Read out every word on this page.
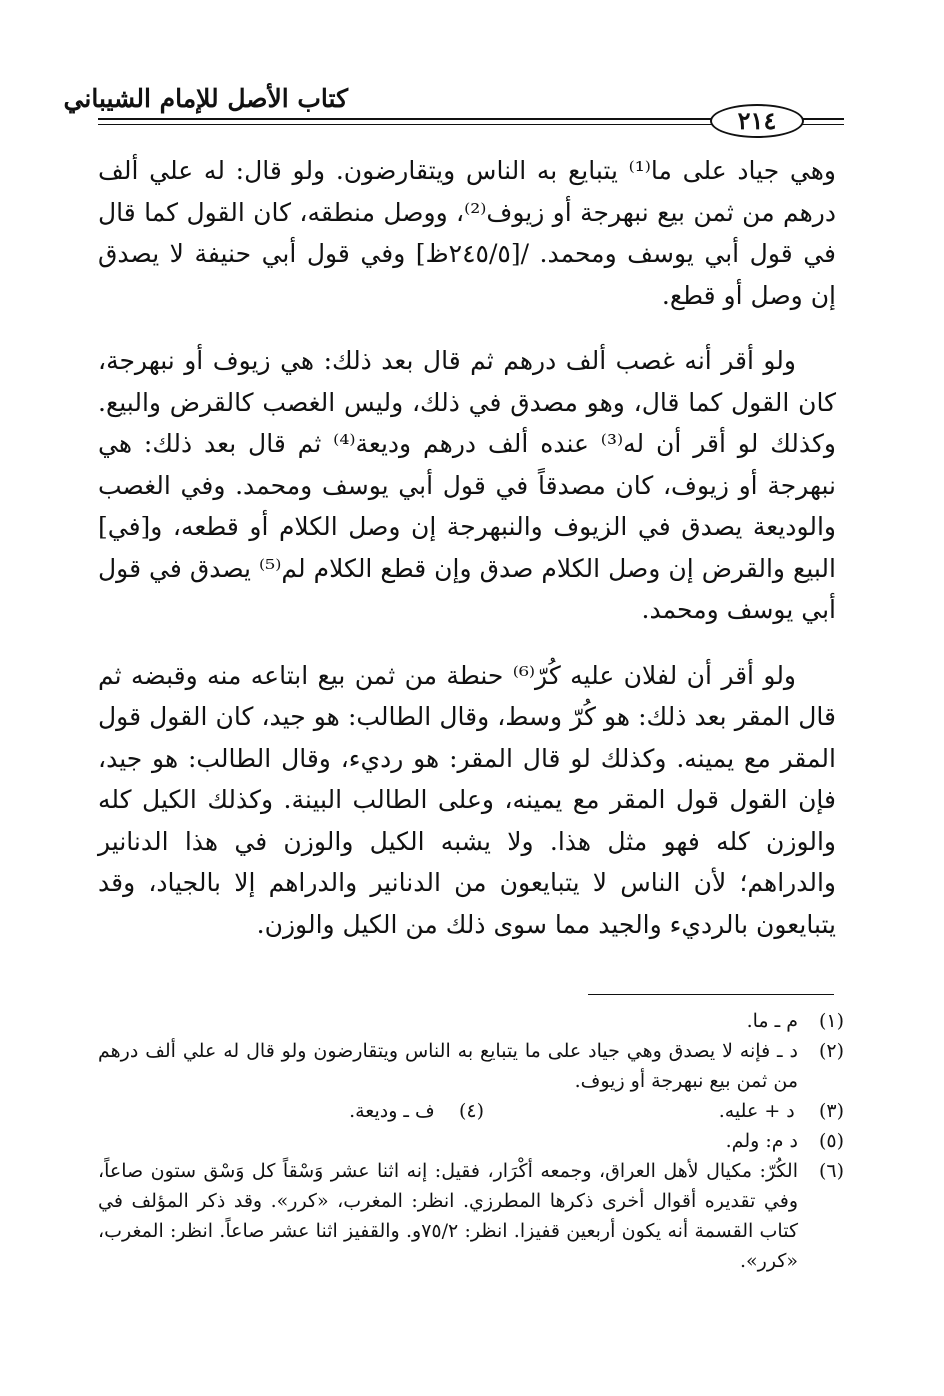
كتاب الأصل للإمام الشيباني
٢١٤

وهي جياد على ما⁽¹⁾ يتبايع به الناس ويتقارضون. ولو قال: له علي ألف درهم من ثمن بيع نبهرجة أو زيوف⁽²⁾، ووصل منطقه، كان القول كما قال في قول أبي يوسف ومحمد. /[٢٤٥/٥ظ] وفي قول أبي حنيفة لا يصدق إن وصل أو قطع.

ولو أقر أنه غصب ألف درهم ثم قال بعد ذلك: هي زيوف أو نبهرجة، كان القول كما قال، وهو مصدق في ذلك، وليس الغصب كالقرض والبيع. وكذلك لو أقر أن له⁽³⁾ عنده ألف درهم وديعة⁽⁴⁾ ثم قال بعد ذلك: هي نبهرجة أو زيوف، كان مصدقاً في قول أبي يوسف ومحمد. وفي الغصب والوديعة يصدق في الزيوف والنبهرجة إن وصل الكلام أو قطعه، و[في] البيع والقرض إن وصل الكلام صدق وإن قطع الكلام لم⁽⁵⁾ يصدق في قول أبي يوسف ومحمد.

ولو أقر أن لفلان عليه كُرّ⁽⁶⁾ حنطة من ثمن بيع ابتاعه منه وقبضه ثم قال المقر بعد ذلك: هو كُرّ وسط، وقال الطالب: هو جيد، كان القول قول المقر مع يمينه. وكذلك لو قال المقر: هو رديء، وقال الطالب: هو جيد، فإن القول قول المقر مع يمينه، وعلى الطالب البينة. وكذلك الكيل كله والوزن كله فهو مثل هذا. ولا يشبه الكيل والوزن في هذا الدنانير والدراهم؛ لأن الناس لا يتبايعون من الدنانير والدراهم إلا بالجياد، وقد يتبايعون بالرديء والجيد مما سوى ذلك من الكيل والوزن.

(١)
م ـ ما.
(٢)
د ـ فإنه لا يصدق وهي جياد على ما يتبايع به الناس ويتقارضون ولو قال له علي ألف درهم من ثمن بيع نبهرجة أو زيوف.
(٣)    د + عليه.
(٤)    ف ـ وديعة.
(٥)
د م: ولم.
(٦)
الكُرّ: مكيال لأهل العراق، وجمعه أكْرَار، فقيل: إنه اثنا عشر وَسْقاً كل وَسْق ستون صاعاً، وفي تقديره أقوال أخرى ذكرها المطرزي. انظر: المغرب، «كرر». وقد ذكر المؤلف في كتاب القسمة أنه يكون أربعين قفيزا. انظر: ٧٥/٢و. والقفيز اثنا عشر صاعاً. انظر: المغرب، «كرر».
